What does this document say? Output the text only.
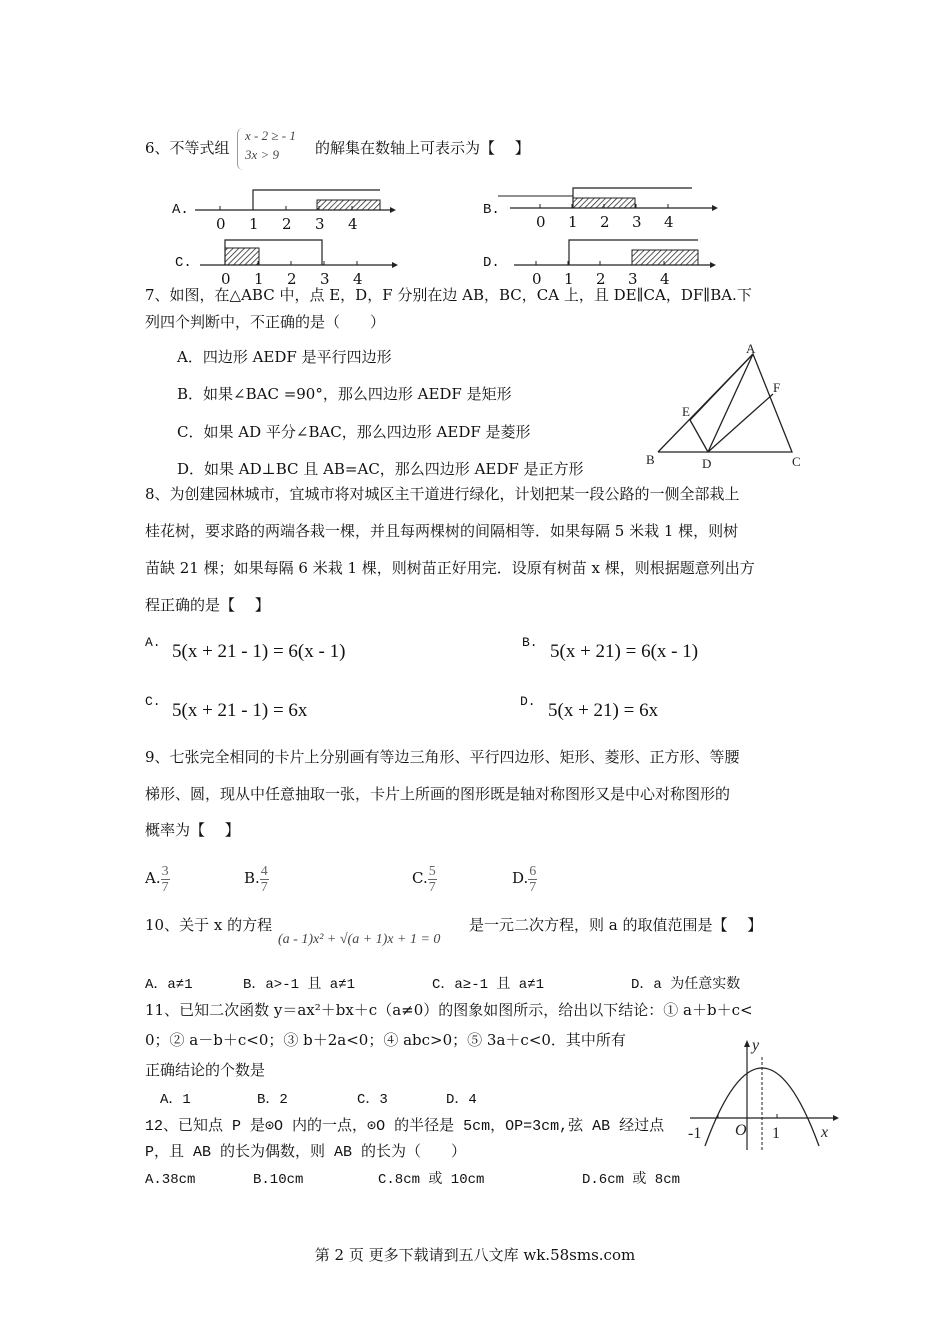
6、不等式组
x - 2 ≥ - 1
3x > 9 的解集在数轴上可表示为【　 】
A.	B.
C.	D.
0 1 2 3 4	0 1 2 3 4
0 1 2 3 4	0 1 2 3 4
7、如图，在△ABC 中，点 E，D，F 分别在边 AB，BC，CA 上，且 DE∥CA，DF∥BA.下
列四个判断中，不正确的是（　　）
A．四边形 AEDF 是平行四边形
B．如果∠BAC =90°，那么四边形 AEDF 是矩形
C．如果 AD 平分∠BAC，那么四边形 AEDF 是菱形
D．如果 AD⊥BC 且 AB=AC，那么四边形 AEDF 是正方形
A
B	C
D
E
F
8、为创建园林城市，宜城市将对城区主干道进行绿化，计划把某一段公路的一侧全部栽上
桂花树，要求路的两端各栽一棵，并且每两棵树的间隔相等．如果每隔 5 米栽 1 棵，则树
苗缺 21 棵；如果每隔 6 米栽 1 棵，则树苗正好用完．设原有树苗 x 棵，则根据题意列出方
程正确的是【　 】
A. 5(x + 21 - 1) = 6(x - 1)	B. 5(x + 21) = 6(x - 1)
C. 5(x + 21 - 1) = 6x	D. 5(x + 21) = 6x
9、七张完全相同的卡片上分别画有等边三角形、平行四边形、矩形、菱形、正方形、等腰
梯形、圆，现从中任意抽取一张，卡片上所画的图形既是轴对称图形又是中心对称图形的
概率为【　 】
A. $\frac{3}{7}$	B. $\frac{4}{7}$	C. $\frac{5}{7}$	D. $\frac{6}{7}$
10、关于 x 的方程
(a - 1)x² + √(a + 1)x + 1 = 0
是一元二次方程，则 a 的取值范围是【　 】
A．a≠1	B．a>-1 且 a≠1	C．a≥-1 且 a≠1	D．a 为任意实数
11、已知二次函数 y＝ax²＋bx＋c（a≠0）的图象如图所示，给出以下结论：① a＋b＋c<
0；② a－b＋c<0；③ b＋2a<0；④ abc>0；⑤ 3a＋c<0．其中所有
正确结论的个数是
A．1	B．2	C．3	D．4
y
x
-1 O 1
12、已知点 P 是⊙O 内的一点，⊙O 的半径是 5cm，OP=3cm,弦 AB 经过点
P，且 AB 的长为偶数，则 AB 的长为（　　）
A.38cm	B.10cm	C.8cm 或 10cm	D.6cm 或 8cm
第 2 页 更多下载请到五八文库 wk.58sms.com
